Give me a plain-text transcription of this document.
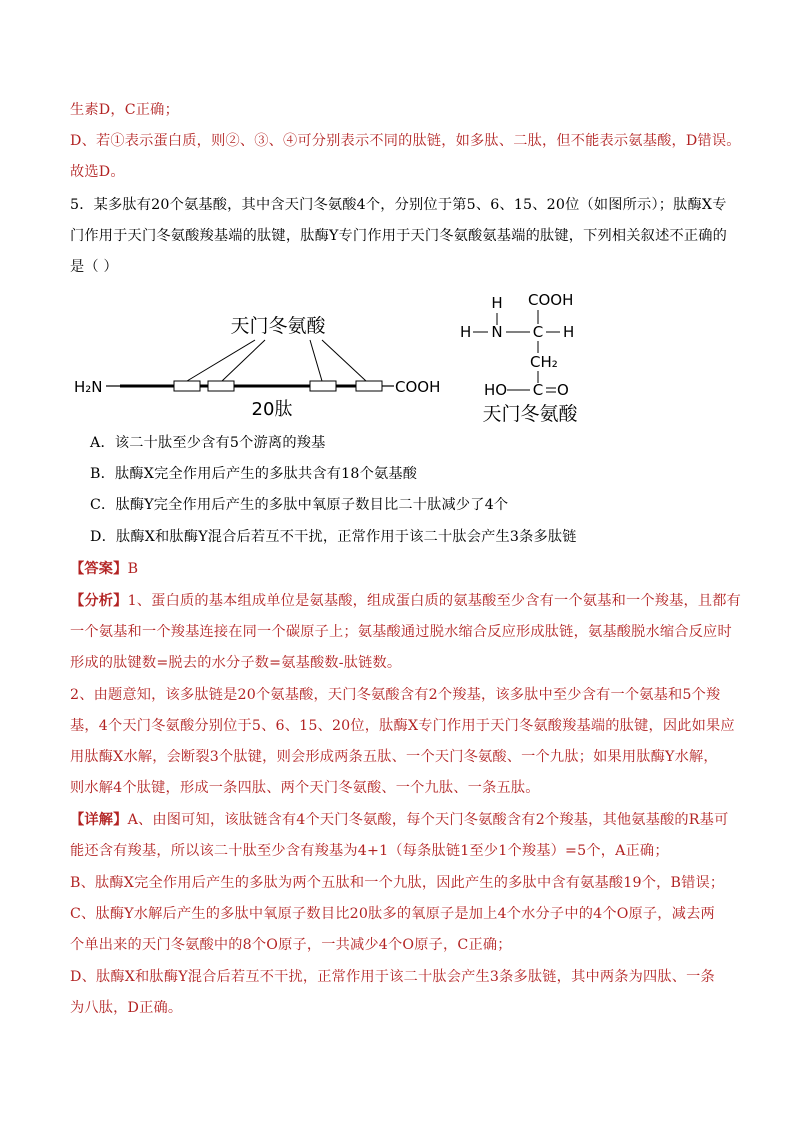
生素D，C正确；
D、若①表示蛋白质，则②、③、④可分别表示不同的肽链，如多肽、二肽，但不能表示氨基酸，D错误。
故选D。
5．某多肽有20个氨基酸，其中含天门冬氨酸4个，分别位于第5、6、15、20位（如图所示）；肽酶X专
门作用于天门冬氨酸羧基端的肽键，肽酶Y专门作用于天门冬氨酸氨基端的肽键，下列相关叙述不正确的
是（ ）
天门冬氨酸
H₂N	COOH
20肽
H COOH
H N C H
CH₂
HO C O
天门冬氨酸
A．该二十肽至少含有5个游离的羧基
B．肽酶X完全作用后产生的多肽共含有18个氨基酸
C．肽酶Y完全作用后产生的多肽中氧原子数目比二十肽减少了4个
D．肽酶X和肽酶Y混合后若互不干扰，正常作用于该二十肽会产生3条多肽链
【答案】B
【分析】1、蛋白质的基本组成单位是氨基酸，组成蛋白质的氨基酸至少含有一个氨基和一个羧基，且都有
一个氨基和一个羧基连接在同一个碳原子上；氨基酸通过脱水缩合反应形成肽链，氨基酸脱水缩合反应时
形成的肽键数=脱去的水分子数=氨基酸数-肽链数。
2、由题意知，该多肽链是20个氨基酸，天门冬氨酸含有2个羧基，该多肽中至少含有一个氨基和5个羧
基，4个天门冬氨酸分别位于5、6、15、20位，肽酶X专门作用于天门冬氨酸羧基端的肽键，因此如果应
用肽酶X水解，会断裂3个肽键，则会形成两条五肽、一个天门冬氨酸、一个九肽；如果用肽酶Y水解，
则水解4个肽键，形成一条四肽、两个天门冬氨酸、一个九肽、一条五肽。
【详解】A、由图可知，该肽链含有4个天门冬氨酸，每个天门冬氨酸含有2个羧基，其他氨基酸的R基可
能还含有羧基，所以该二十肽至少含有羧基为4+1（每条肽链1至少1个羧基）=5个，A正确；
B、肽酶X完全作用后产生的多肽为两个五肽和一个九肽，因此产生的多肽中含有氨基酸19个，B错误；
C、肽酶Y水解后产生的多肽中氧原子数目比20肽多的氧原子是加上4个水分子中的4个O原子，减去两
个单出来的天门冬氨酸中的8个O原子，一共减少4个O原子，C正确；
D、肽酶X和肽酶Y混合后若互不干扰，正常作用于该二十肽会产生3条多肽链，其中两条为四肽、一条
为八肽，D正确。
